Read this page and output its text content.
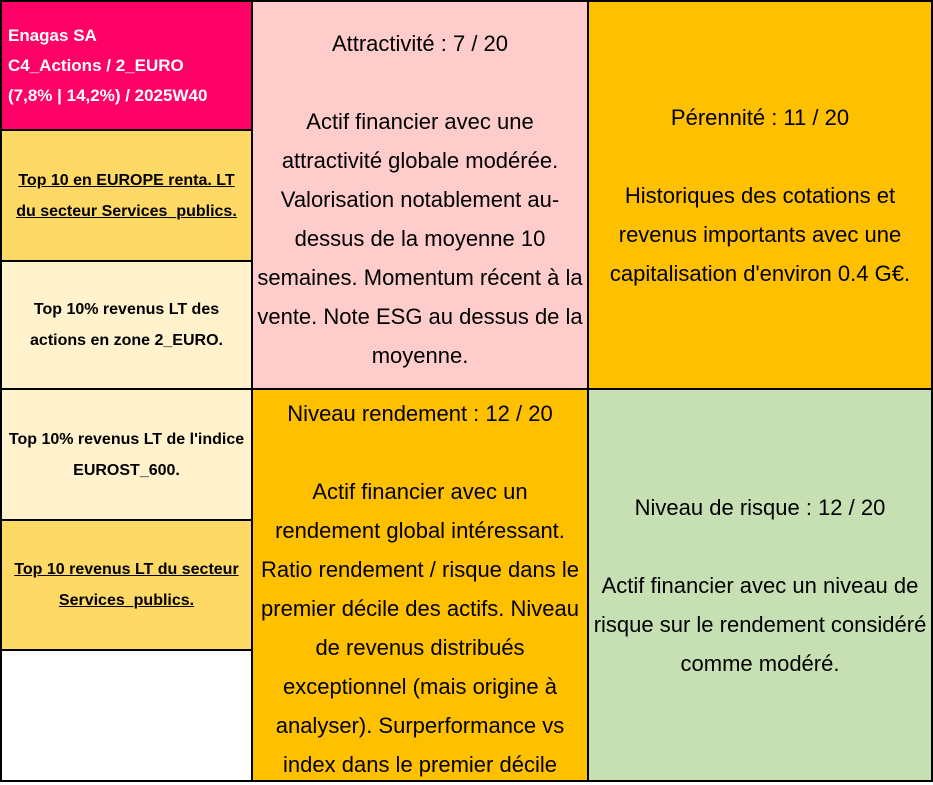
Enagas SA
C4_Actions / 2_EURO
(7,8% | 14,2%) / 2025W40
Top 10 en EUROPE renta. LT du secteur Services_publics.
Top 10% revenus LT des actions en zone 2_EURO.
Top 10% revenus LT de l'indice EUROST_600.
Top 10 revenus LT du secteur Services_publics.

Attractivité : 7 / 20

Actif financier avec une attractivité globale modérée. Valorisation notablement au-dessus de la moyenne 10 semaines. Momentum récent à la vente. Note ESG au dessus de la moyenne.

Pérennité : 11 / 20

Historiques des cotations et revenus importants avec une capitalisation d'environ 0.4 G€.

Niveau rendement : 12 / 20

Actif financier avec un rendement global intéressant. Ratio rendement / risque dans le premier décile des actifs. Niveau de revenus distribués exceptionnel (mais origine à analyser). Surperformance vs index dans le premier décile

Niveau de risque : 12 / 20

Actif financier avec un niveau de risque sur le rendement considéré comme modéré.
